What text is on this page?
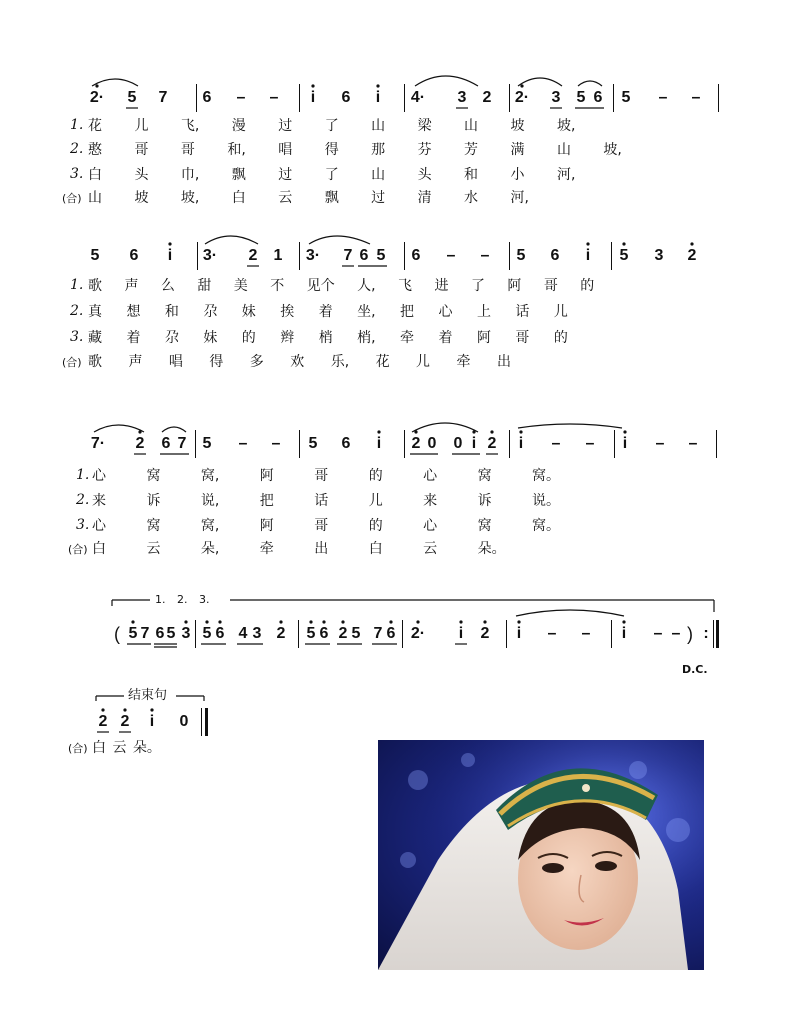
2· 5 7 6 – – i 6 i 4· 3 2 2· 3 5 6 5 – –
1. 花 儿 飞, 漫 过 了 山 梁 山 坡 坡,
2. 憨 哥 哥 和, 唱 得 那 芬 芳 满 山 坡,
3. 白 头 巾, 飘 过 了 山 头 和 小 河,
(合) 山 坡 坡, 白 云 飘 过 清 水 河,
5 6 i 3· 2 1 3· 7 6 5 6 – – 5 6 i 5 3 2
1. 歌 声 么 甜 美 不 见个 人, 飞 进 了 阿 哥 的
2. 真 想 和 尕 妹 挨 着 坐, 把 心 上 话 儿
3. 藏 着 尕 妹 的 辫 梢 梢, 牵 着 阿 哥 的
(合) 歌 声 唱 得 多 欢 乐, 花 儿 牵 出
7· 2 6 7 5 – – 5 6 i 2 0 0 i 2 i – – i – –
1. 心 窝 窝, 阿 哥 的 心 窝 窝。
2. 来 诉 说, 把 话 儿 来 诉 说。
3. 心 窝 窝, 阿 哥 的 心 窝 窝。
(合) 白 云 朵, 牵 出 白 云 朵。
1. 2. 3.
( 5 7 6 5 3 5 6 4 3 2 5 6 2 5 7 6 2· i 2 i – – i – – ) :
D.C.
结束句
2 2 i 0
(合) 白 云 朵。
